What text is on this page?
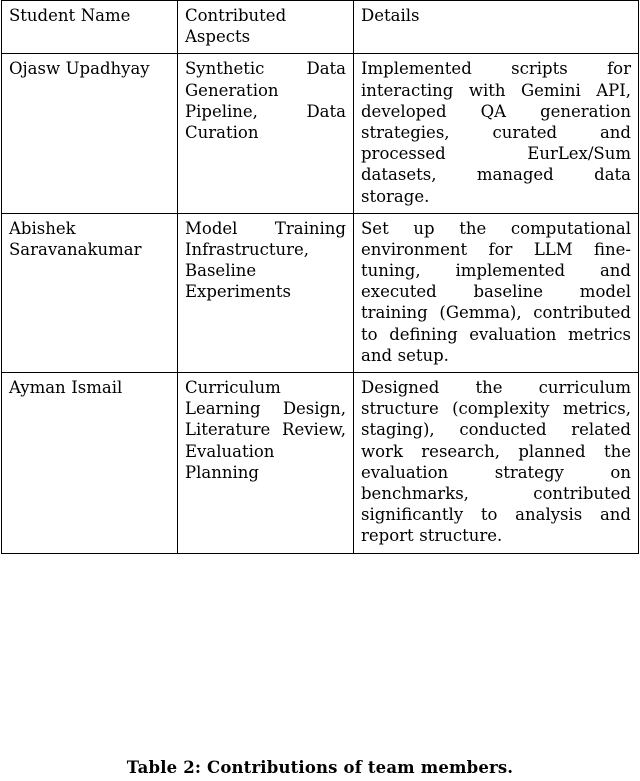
Student Name	Contributed Aspects	Details
Ojasw Upadhyay	Synthetic Data Generation Pipeline, Data Curation	Implemented scripts for interacting with Gemini API, developed QA generation strategies, curated and processed EurLex/Sum datasets, managed data storage.
Abishek Saravanakumar	Model Training Infrastructure, Baseline Experiments	Set up the computational environment for LLM fine-tuning, implemented and executed baseline model training (Gemma), contributed to defining evaluation metrics and setup.
Ayman Ismail	Curriculum Learning Design, Literature Review, Evaluation Planning	Designed the curriculum structure (complexity metrics, staging), conducted related work research, planned the evaluation strategy on benchmarks, contributed significantly to analysis and report structure.
Table 2: Contributions of team members.
